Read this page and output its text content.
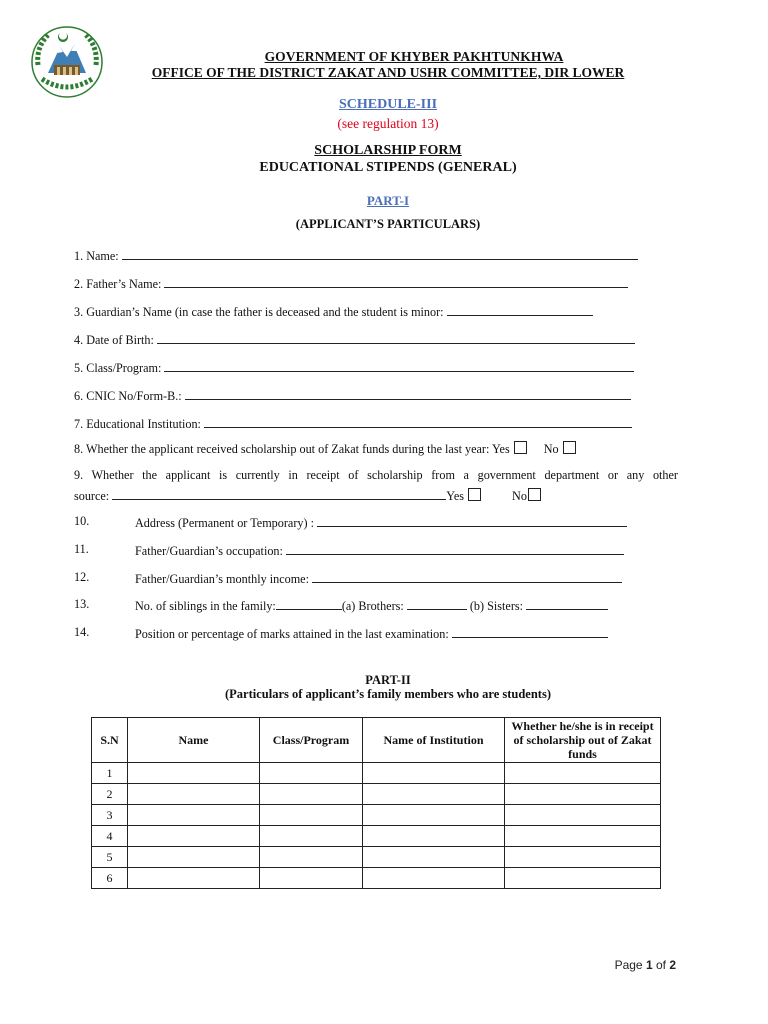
GOVERNMENT OF KHYBER PAKHTUNKHWA
OFFICE OF THE DISTRICT ZAKAT AND USHR COMMITTEE, DIR LOWER
SCHEDULE-III
(see regulation 13)
SCHOLARSHIP FORM
EDUCATIONAL STIPENDS (GENERAL)
PART-I
(APPLICANT’S PARTICULARS)
1. Name:
2. Father’s Name:
3. Guardian’s Name (in case the father is deceased and the student is minor:
4. Date of Birth:
5. Class/Program:
6. CNIC No/Form-B.:
7. Educational Institution:
8. Whether the applicant received scholarship out of Zakat funds during the last year: Yes	No
9. Whether the applicant is currently in receipt of scholarship from a government department or any other
source:	Yes	No
10.	Address (Permanent or Temporary) :
11.	Father/Guardian’s occupation:
12.	Father/Guardian’s monthly income:
13.	No. of siblings in the family:	(a) Brothers:	(b) Sisters:
14.	Position or percentage of marks attained in the last examination:
PART-II
(Particulars of applicant’s family members who are students)
S.N	Name	Class/Program	Name of Institution	Whether he/she is in receipt of scholarship out of Zakat funds
1				
2				
3				
4				
5				
6				
Page 1 of 2
